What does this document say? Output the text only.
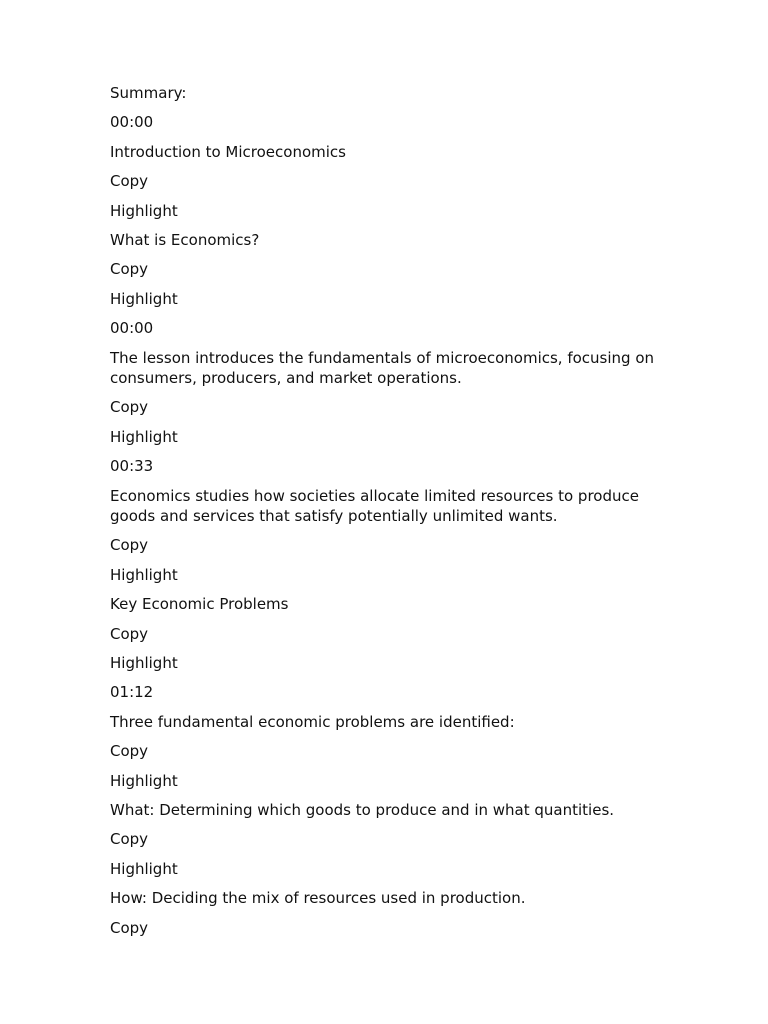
Summary:
00:00
Introduction to Microeconomics
Copy
Highlight
What is Economics?
Copy
Highlight
00:00
The lesson introduces the fundamentals of microeconomics, focusing on consumers, producers, and market operations.
Copy
Highlight
00:33
Economics studies how societies allocate limited resources to produce goods and services that satisfy potentially unlimited wants.
Copy
Highlight
Key Economic Problems
Copy
Highlight
01:12
Three fundamental economic problems are identified:
Copy
Highlight
What: Determining which goods to produce and in what quantities.
Copy
Highlight
How: Deciding the mix of resources used in production.
Copy
